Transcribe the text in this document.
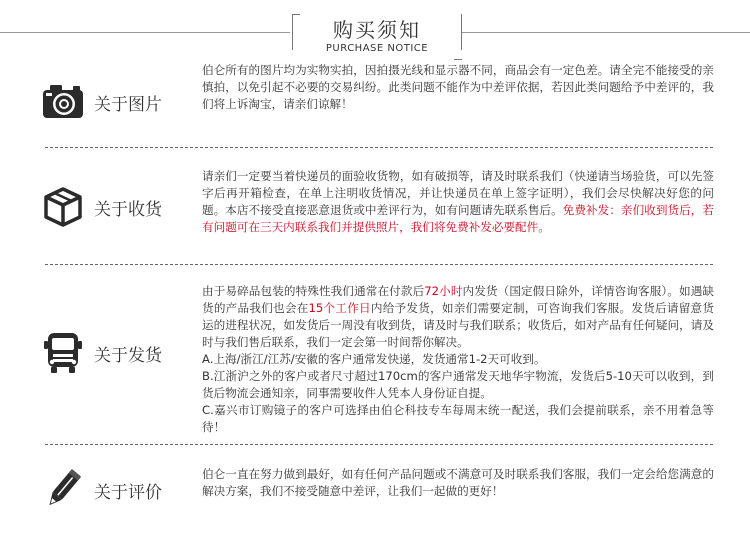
购买须知
PURCHASE NOTICE
关于图片

伯仑所有的图片均为实物实拍，因拍摄光线和显示器不同，商品会有一定色差。请全完不能接受的亲慎拍，以免引起不必要的交易纠纷。此类问题不能作为中差评依据，若因此类问题给予中差评的，我们将上诉淘宝，请亲们谅解！

关于收货

请亲们一定要当着快递员的面验收货物，如有破损等，请及时联系我们（快递请当场验货，可以先签字后再开箱检查，在单上注明收货情况，并让快递员在单上签字证明），我们会尽快解决好您的问题。本店不接受直接恶意退货或中差评行为，如有问题请先联系售后。免费补发：亲们收到货后，若有问题可在三天内联系我们并提供照片，我们将免费补发必要配件。

关于发货

由于易碎品包装的特殊性我们通常在付款后72小时内发货（国定假日除外，详情咨询客服）。如遇缺货的产品我们也会在15个工作日内给予发货，如亲们需要定制，可咨询我们客服。发货后请留意货运的进程状况，如发货后一周没有收到货，请及时与我们联系；收货后，如对产品有任何疑问，请及时与我们售后联系，我们一定会第一时间帮你解决。

A.上海/浙江/江苏/安徽的客户通常发快递，发货通常1-2天可收到。

B.江浙沪之外的客户或者尺寸超过170cm的客户通常发天地华宇物流，发货后5-10天可以收到，到货后物流会通知亲，同事需要收件人凭本人身份证自提。

C.嘉兴市订购镜子的客户可选择由伯仑科技专车每周末统一配送，我们会提前联系，亲不用着急等待！

关于评价

伯仑一直在努力做到最好，如有任何产品问题或不满意可及时联系我们客服，我们一定会给您满意的解决方案，我们不接受随意中差评，让我们一起做的更好！
